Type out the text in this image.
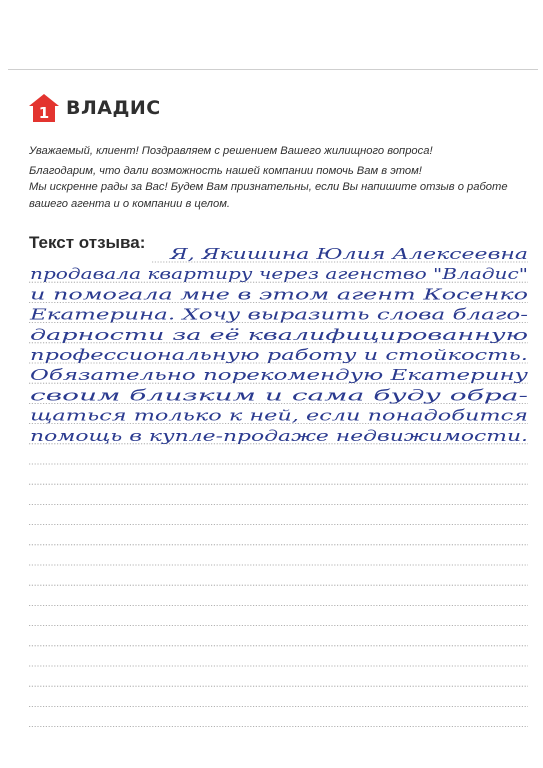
1 ВЛАДИС

Уважаемый, клиент! Поздравляем с решением Вашего жилищного вопроса!

Благодарим, что дали возможность нашей компании помочь Вам в этом!
Мы искренне рады за Вас! Будем Вам признательны, если Вы напишите отзыв о работе
вашего агента и о компании в целом.

Текст отзыва:
Я, Якишина Юлия Алексеевна
продавала квартиру через агенство "Владис"
и помогала мне в этом агент Косенко
Екатерина. Хочу выразить слова благо-
дарности за её квалифицированную
профессиональную работу и стойкость.
Обязательно порекомендую Екатерину
своим близким и сама буду обра-
щаться только к ней, если понадобится
помощь в купле-продаже недвижимости.
